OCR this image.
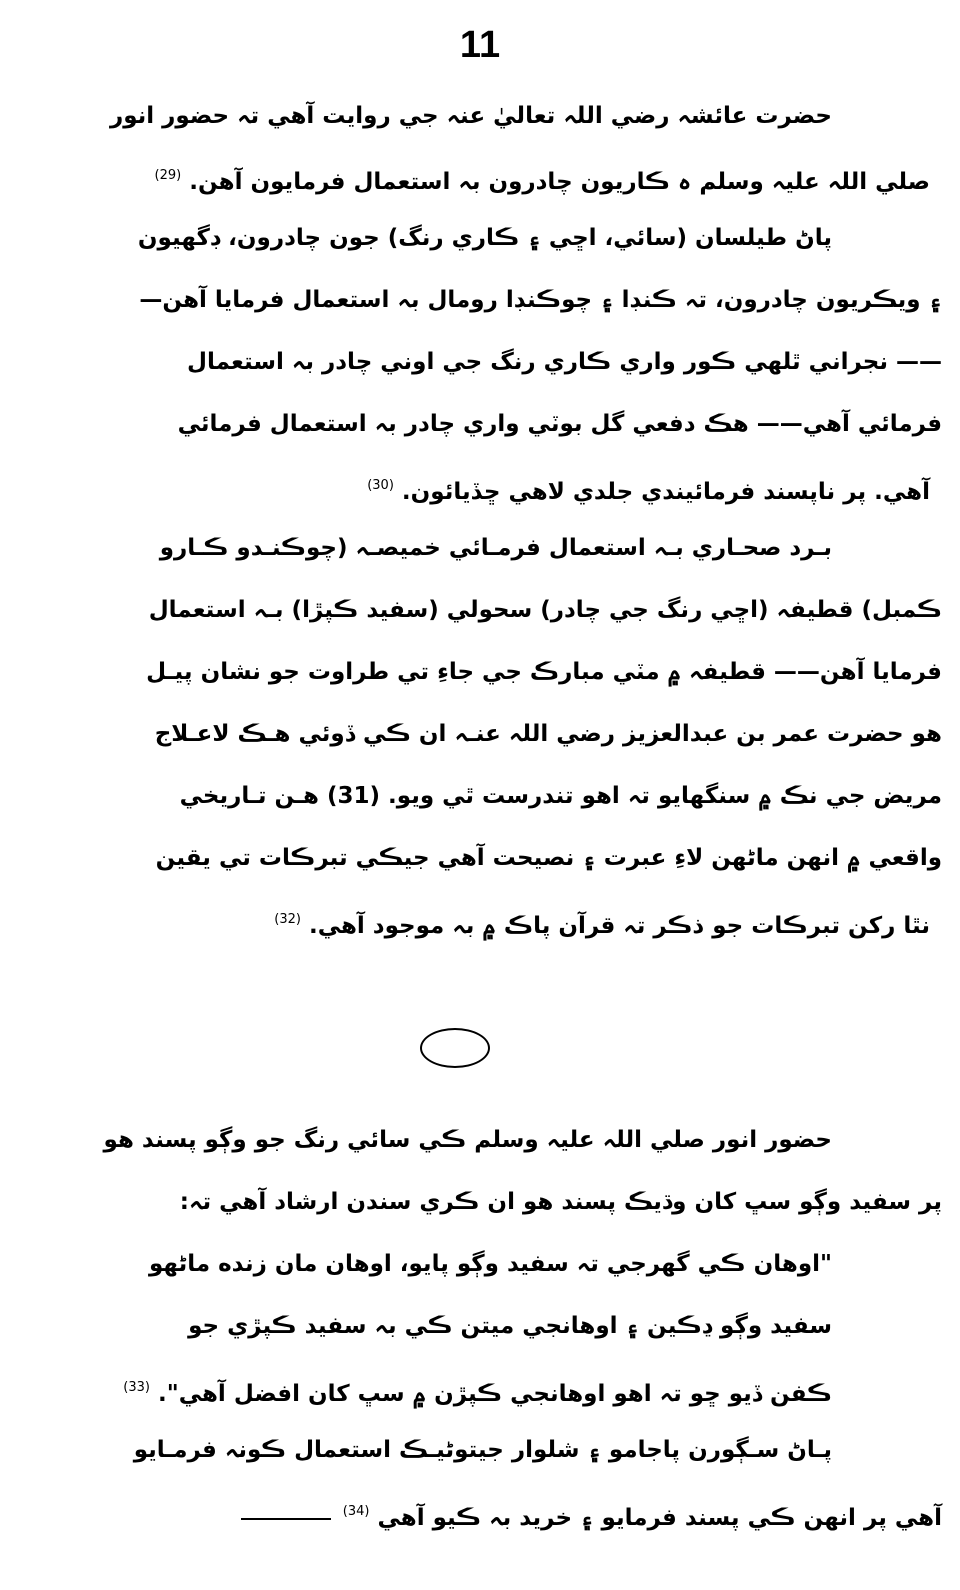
11
حضرت عائشہ رضي اللہ تعاليٰ عنہ جي روايت آهي تہ حضور انور
صلي اللہ عليہ وسلم ہ ڪاريون چادرون بہ استعمال فرمايون آهن. $^{(29)}$
پاڻ طيلسان (سائي، اڇي ۽ ڪاري رنگ) جون چادرون، ڊگهيون
۽ ويڪريون چادرون، تہ ڪنڊا ۽ چوڪنڊا رومال بہ استعمال فرمايا آهن—
—— نجراني ٿلهي ڪور واري ڪاري رنگ جي اوني چادر بہ استعمال
فرمائي آهي—— هڪ دفعي گل بوٽي واري چادر بہ استعمال فرمائي
آهي. پر ناپسند فرمائيندي جلدي لاهي ڇڏيائون. $^{(30)}$
بـرد صحـاري بـہ استعمال فرمـائي خميصـہ (چوڪنـدو ڪـارو
ڪمبل) قطيفہ (اڇي رنگ جي چادر) سحولي (سفيد ڪپڙا) بـہ استعمال
فرمايا آهن—— قطيفہ ۾ مٽي مبارڪ جي جاءِ تي طراوت جو نشان پيـل
هو حضرت عمر بن عبدالعزيز رضي اللہ عنـہ ان ڪي ڏوئي هـڪ لاعـلاج
مريض جي نڪ ۾ سنگهايو تہ اهو تندرست ٿي ويو. (31) هـن تـاريخي
واقعي ۾ انهن ماڻهن لاءِ عبرت ۽ نصيحت آهي جيڪي تبرڪات تي يقين
نٿا رکن تبرڪات جو ذڪر تہ قرآن پاڪ ۾ بہ موجود آهي. $^{(32)}$
حضور انور صلي اللہ عليہ وسلم ڪي سائي رنگ جو وڳو پسند هو
پر سفيد وڳو سڀ کان وڌيڪ پسند هو ان ڪري سندن ارشاد آهي تہ:
"اوهان ڪي گهرجي تہ سفيد وڳو پايو، اوهان مان زنده ماڻهو
سفيد وڳو ڍڪين ۽ اوهانجي ميتن ڪي بہ سفيد ڪپڙي جو
ڪفن ڏيو ڇو تہ اهو اوهانجي ڪپڙن ۾ سڀ کان افضل آهي". $^{(33)}$
پـاڻ سـڳورن پاجامو ۽ شلوار جيتوڻيـڪ استعمال ڪونہ فرمـايو
آهي پر انهن ڪي پسند فرمايو ۽ خريد بہ ڪيو آهي $^{(34)}$
